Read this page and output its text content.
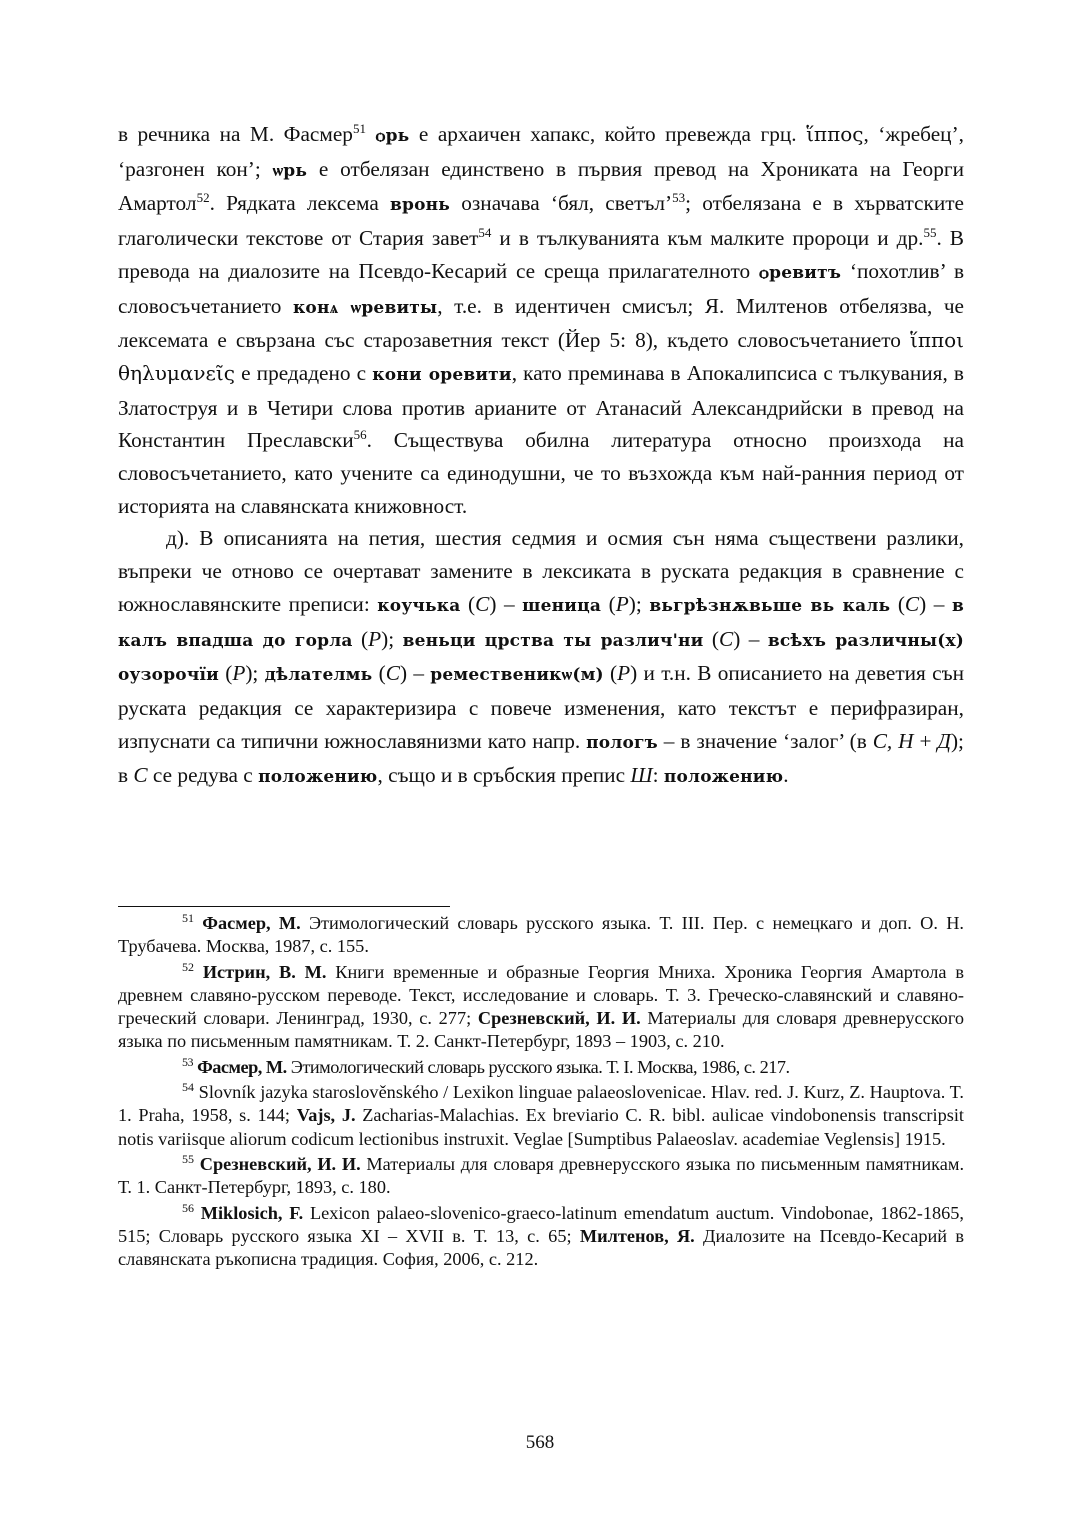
в речника на М. Фасмер$^{51}$ ѻрь е архаичен хапакс, който превежда грц. ἵππος, ‘жребец’, ‘разгонен кон’; ѡрь е отбелязан единствено в първия превод на Хрониката на Георги Амартол$^{52}$. Рядката лексема вронь означава ‘бял, светъл’$^{53}$; отбелязана е в хърватските глаголически текстове от Стария завет$^{54}$ и в тълкуванията към малките пророци и др.$^{55}$. В превода на диалозите на Псевдо-Кесарий се среща прилагателното ѻревитъ ‘похотлив’ в словосъчетанието конѧ ѡревиты, т.е. в идентичен смисъл; Я. Милтенов отбелязва, че лексемата е свързана със старозаветния текст (Йер 5: 8), където словосъчетанието ἵπποι θηλυμανεῖς е предадено с кони оревити, като преминава в Апокалипсиса с тълкувания, в Златоструя и в Четири слова против арианите от Атанасий Александрийски в превод на Константин Преславски$^{56}$. Съществува обилна литература относно произхода на словосъчетанието, като учените са единодушни, че то възхожда към най-ранния период от историята на славянската книжовност.

д). В описанията на петия, шестия седмия и осмия сън няма съществени разлики, въпреки че отново се очертават замените в лексиката в руската редакция в сравнение с южнославянските преписи: коучька (С) – шеница (Р); вьгрѣзнѫвьше вь каль (С) – в калъ впадша до горла (Р); веньци црства ты различ'ни (С) – всѣхъ различны(х) оузорочїи (Р); дѣлателмь (С) – ремественикѡ(м) (Р) и т.н. В описанието на деветия сън руската редакция се характеризира с повече изменения, като текстът е перифразиран, изпуснати са типични южнославянизми като напр. пологъ – в значение ‘залог’ (в С, Н + Д); в С се редува с положению, също и в сръбския препис Ш: положению.

$^{51}$ Фасмер, М. Этимологический словарь русского языка. Т. III. Пер. с немецкаго и доп. О. Н. Трубачева. Москва, 1987, с. 155.

$^{52}$ Истрин, В. М. Книги временные и образные Георгия Мниха. Хроника Георгия Амартола в древнем славяно-русском переводе. Текст, исследование и словарь. Т. 3. Греческо-славянский и славяно-греческий словари. Ленинград, 1930, с. 277; Срезневский, И. И. Материалы для словаря древнерусского языка по письменным памятникам. Т. 2. Санкт-Петербург, 1893 – 1903, с. 210.

$^{53}$ Фасмер, М. Этимологический словарь русского языка. Т. I. Москва, 1986, с. 217.

$^{54}$ Slovník jazyka staroslověnského / Lexikon linguae palaeoslovenicae. Hlav. red. J. Kurz, Z. Hauptova. T. 1. Praha, 1958, s. 144; Vajs, J. Zacharias-Malachias. Ex breviario C. R. bibl. aulicae vindobonensis transcripsit notis variisque aliorum codicum lectionibus instruxit. Veglae [Sumptibus Palaeoslav. academiae Veglensis] 1915.

$^{55}$ Срезневский, И. И. Материалы для словаря древнерусского языка по письменным памятникам. Т. 1. Санкт-Петербург, 1893, с. 180.

$^{56}$ Miklosich, F. Lexicon palaeo-slovenico-graeco-latinum emendatum auctum. Vindobonae, 1862-1865, 515; Словарь русского языка XI – XVII в. Т. 13, с. 65; Милтенов, Я. Диалозите на Псевдо-Кесарий в славянската ръкописна традиция. София, 2006, с. 212.

568
